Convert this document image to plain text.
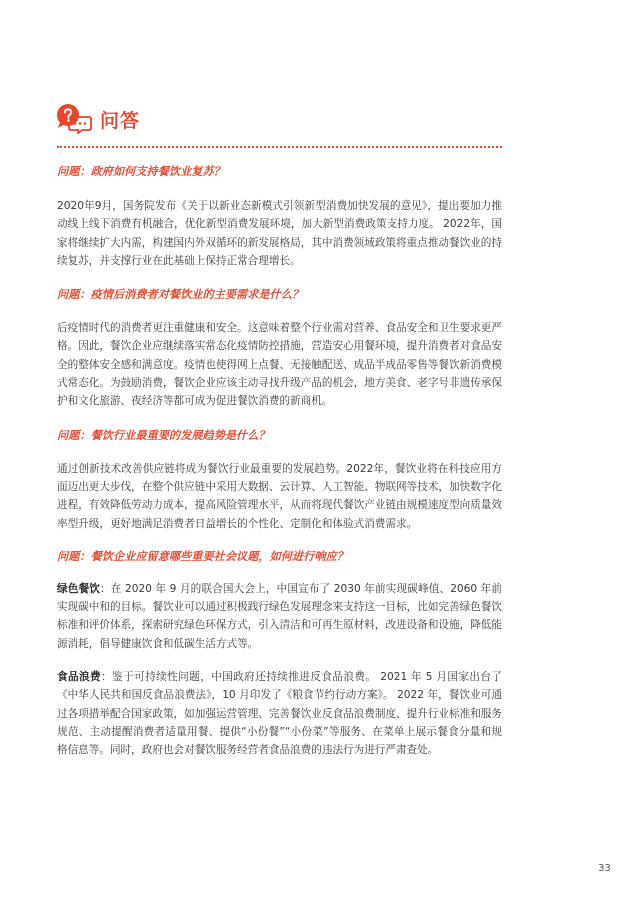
问答

问题：政府如何支持餐饮业复苏？

2020年9月，国务院发布《关于以新业态新模式引领新型消费加快发展的意见》，提出要加力推动线上线下消费有机融合，优化新型消费发展环境，加大新型消费政策支持力度。 2022年，国家将继续扩大内需，构建国内外双循环的新发展格局，其中消费领域政策将重点推动餐饮业的持续复苏，并支撑行业在此基础上保持正常合理增长。

问题：疫情后消费者对餐饮业的主要需求是什么？

后疫情时代的消费者更注重健康和安全。这意味着整个行业需对营养、食品安全和卫生要求更严格。因此，餐饮企业应继续落实常态化疫情防控措施，营造安心用餐环境，提升消费者对食品安全的整体安全感和满意度。疫情也使得网上点餐、无接触配送、成品半成品零售等餐饮新消费模式常态化。为鼓励消费，餐饮企业应该主动寻找升级产品的机会，地方美食、老字号非遗传承保护和文化旅游、夜经济等都可成为促进餐饮消费的新商机。

问题：餐饮行业最重要的发展趋势是什么？

通过创新技术改善供应链将成为餐饮行业最重要的发展趋势。2022年，餐饮业将在科技应用方面迈出更大步伐，在整个供应链中采用大数据、云计算、人工智能、物联网等技术，加快数字化进程，有效降低劳动力成本，提高风险管理水平，从而将现代餐饮产业链由规模速度型向质量效率型升级，更好地满足消费者日益增长的个性化、定制化和体验式消费需求。

问题：餐饮企业应留意哪些重要社会议题，如何进行响应？

绿色餐饮：在 2020 年 9 月的联合国大会上，中国宣布了 2030 年前实现碳峰值、2060 年前实现碳中和的目标。餐饮业可以通过积极践行绿色发展理念来支持这一目标，比如完善绿色餐饮标准和评价体系，探索研究绿色环保方式，引入清洁和可再生原材料，改进设备和设施，降低能源消耗，倡导健康饮食和低碳生活方式等。

食品浪费：鉴于可持续性问题，中国政府还持续推进反食品浪费。 2021 年 5 月国家出台了《中华人民共和国反食品浪费法》，10 月印发了《粮食节约行动方案》。 2022 年，餐饮业可通过各项措举配合国家政策，如加强运营管理、完善餐饮业反食品浪费制度、提升行业标准和服务规范、主动提醒消费者适量用餐、提供“小份餐”“小份菜”等服务、在菜单上展示餐食分量和规格信息等。同时，政府也会对餐饮服务经营者食品浪费的违法行为进行严肃查处。

33
